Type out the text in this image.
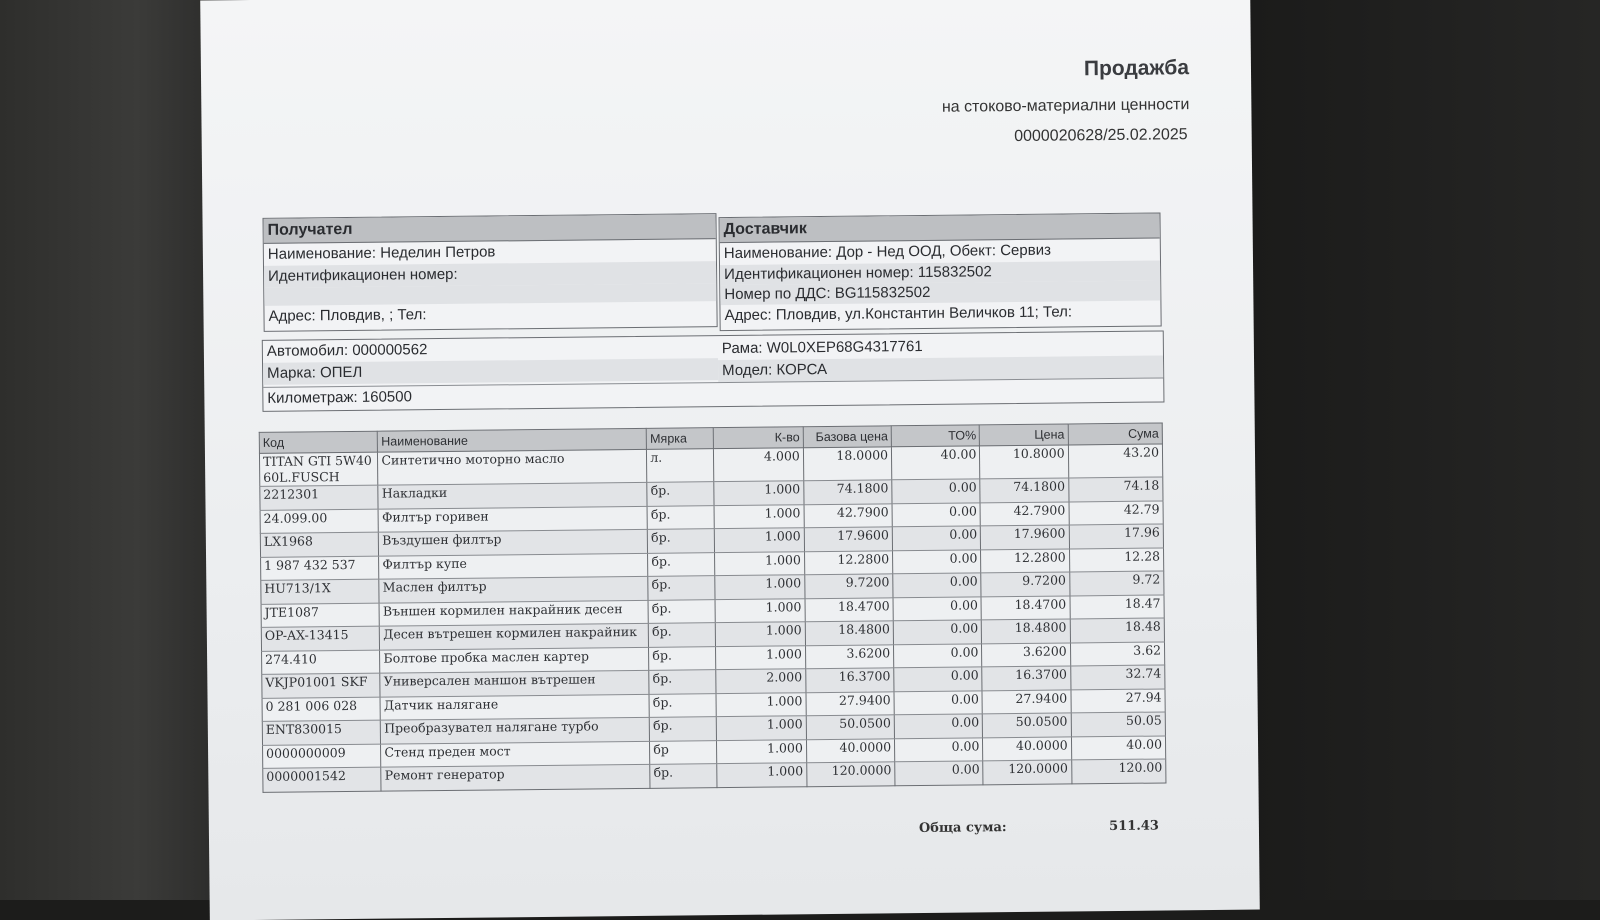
Продажба
на стоково-материални ценности
0000020628/25.02.2025
Получател
Наименование: Неделин Петров
Идентификационен номер:
Адрес: Пловдив, ; Тел:
Доставчик
Наименование: Дор - Нед ООД, Обект: Сервиз
Идентификационен номер: 115832502
Номер по ДДС: BG115832502
Адрес: Пловдив, ул.Константин Величков 11; Тел:
Автомобил: 000000562
Марка: ОПЕЛ
Рама: W0L0XEP68G4317761
Модел: КОРСА
Километраж: 160500
Код	Наименование	Мярка	К-во	Базова цена	ТО%	Цена	Сума
TITAN GTI 5W40 60L.FUSCH	Синтетично моторно масло	л.	4.000	18.0000	40.00	10.8000	43.20
2212301	Накладки	бр.	1.000	74.1800	0.00	74.1800	74.18
24.099.00	Филтър горивен	бр.	1.000	42.7900	0.00	42.7900	42.79
LX1968	Въздушен филтър	бр.	1.000	17.9600	0.00	17.9600	17.96
1 987 432 537	Филтър купе	бр.	1.000	12.2800	0.00	12.2800	12.28
HU713/1X	Маслен филтър	бр.	1.000	9.7200	0.00	9.7200	9.72
JTE1087	Външен кормилен накрайник десен	бр.	1.000	18.4700	0.00	18.4700	18.47
OP-AX-13415	Десен вътрешен кормилен накрайник	бр.	1.000	18.4800	0.00	18.4800	18.48
274.410	Болтове пробка маслен картер	бр.	1.000	3.6200	0.00	3.6200	3.62
VKJP01001 SKF	Универсален маншон вътрешен	бр.	2.000	16.3700	0.00	16.3700	32.74
0 281 006 028	Датчик налягане	бр.	1.000	27.9400	0.00	27.9400	27.94
ENT830015	Преобразувател налягане турбо	бр.	1.000	50.0500	0.00	50.0500	50.05
0000000009	Стенд преден мост	бр	1.000	40.0000	0.00	40.0000	40.00
0000001542	Ремонт генератор	бр.	1.000	120.0000	0.00	120.0000	120.00
Обща сума:	511.43
